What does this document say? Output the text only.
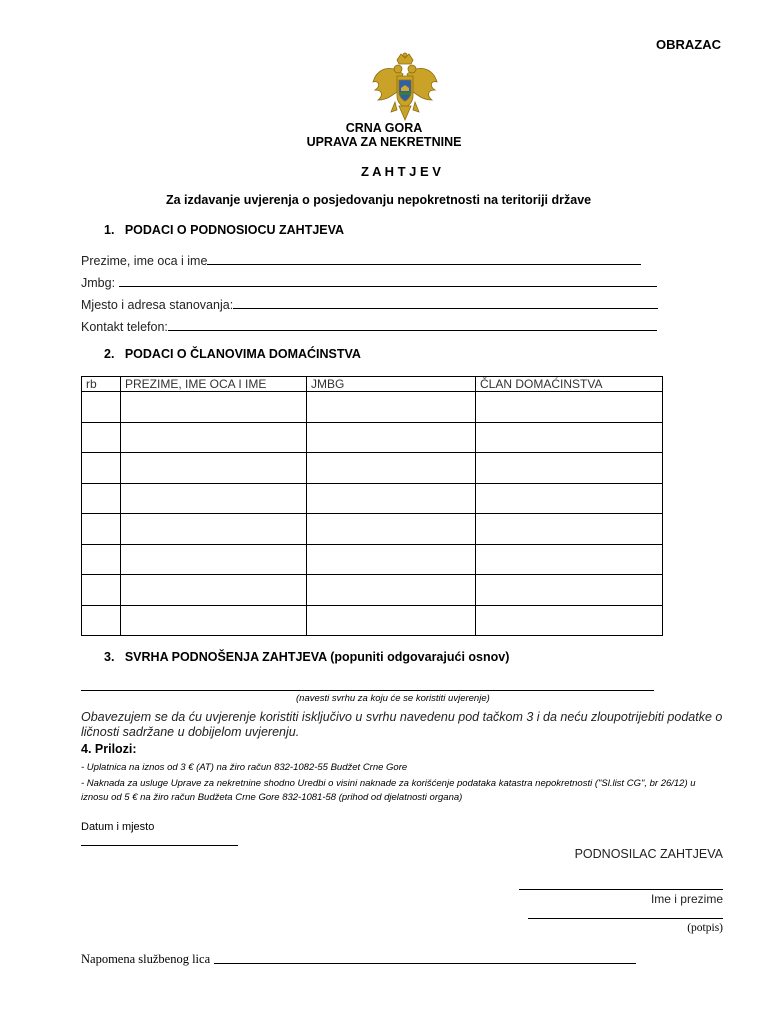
OBRAZAC
CRNA GORA
UPRAVA ZA NEKRETNINE
Z A H T J E V
Za izdavanje uvjerenja o posjedovanju nepokretnosti na teritoriji države
1.   PODACI O PODNOSIOCU ZAHTJEVA
Prezime, ime oca i ime
Jmbg:
Mjesto i adresa stanovanja:
Kontakt telefon:
2.   PODACI O ČLANOVIMA DOMAĆINSTVA
rb	PREZIME, IME OCA I IME	JMBG	ČLAN DOMAĆINSTVA

3.   SVRHA PODNOŠENJA ZAHTJEVA (popuniti odgovarajući osnov)
(navesti svrhu za koju će se koristiti uvjerenje)
Obavezujem se da ću uvjerenje koristiti isključivo u svrhu navedenu pod tačkom 3 i da neću zloupotrijebiti podatke o ličnosti sadržane u dobijelom uvjerenju.
4. Prilozi:
- Uplatnica na iznos od 3 € (AT) na žiro račun 832-1082-55 Budžet Crne Gore
- Naknada za usluge Uprave za nekretnine shodno Uredbi o visini naknade za korišćenje podataka katastra nepokretnosti ("Sl.list CG", br 26/12) u iznosu od 5 € na žiro račun Budžeta Crne Gore 832-1081-58 (prihod od djelatnosti organa)
Datum i mjesto
PODNOSILAC ZAHTJEVA
Ime i prezime
(potpis)
Napomena službenog lica
